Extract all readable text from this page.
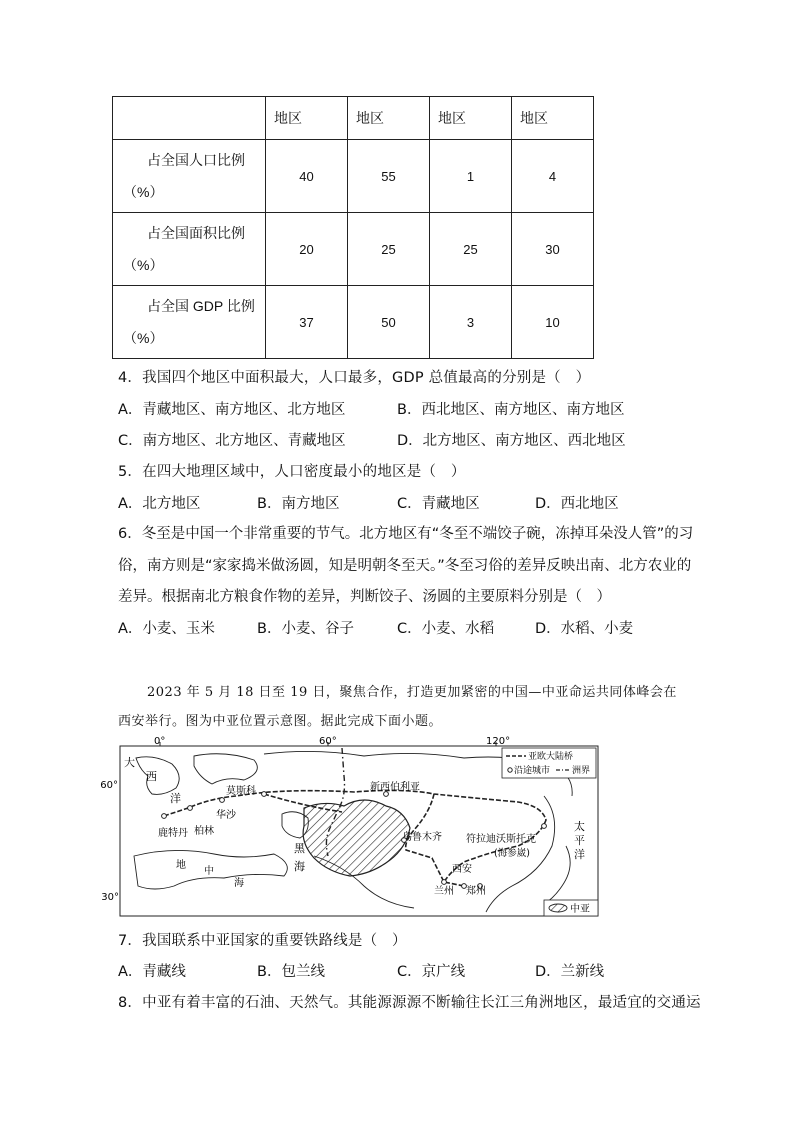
	地区	地区	地区	地区

占全国人口比例
（%）	40	55	1	4

占全国面积比例
（%）	20	25	25	30

占全国 GDP 比例
（%）	37	50	3	10
4．我国四个地区中面积最大，人口最多，GDP 总值最高的分别是（　）
A．青藏地区、南方地区、北方地区	B．西北地区、南方地区、南方地区
C．南方地区、北方地区、青藏地区	D．北方地区、南方地区、西北地区
5．在四大地理区域中，人口密度最小的地区是（　）
A．北方地区	B．南方地区	C．青藏地区	D．西北地区
6．冬至是中国一个非常重要的节气。北方地区有“冬至不端饺子碗，冻掉耳朵没人管”的习
俗，南方则是“家家捣米做汤圆，知是明朝冬至天。”冬至习俗的差异反映出南、北方农业的
差异。根据南北方粮食作物的差异，判断饺子、汤圆的主要原料分别是（　）
A．小麦、玉米	B．小麦、谷子	C．小麦、水稻	D．水稻、小麦
2023 年 5 月 18 日至 19 日，聚焦合作，打造更加紧密的中国—中亚命运共同体峰会在
西安举行。图为中亚位置示意图。据此完成下面小题。
0°	60°	120°
60°
30°
大
西
洋
地
中
海
黑
海
太
平
洋
莫斯科
华沙
柏林
鹿特丹
新西伯利亚
乌鲁木齐
西安
兰州 郑州
符拉迪沃斯托克
(海参崴)
亚欧大陆桥
沿途城市 洲界
中亚
7．我国联系中亚国家的重要铁路线是（　）
A．青藏线	B．包兰线	C．京广线	D．兰新线
8．中亚有着丰富的石油、天然气。其能源源源不断输往长江三角洲地区，最适宜的交通运
